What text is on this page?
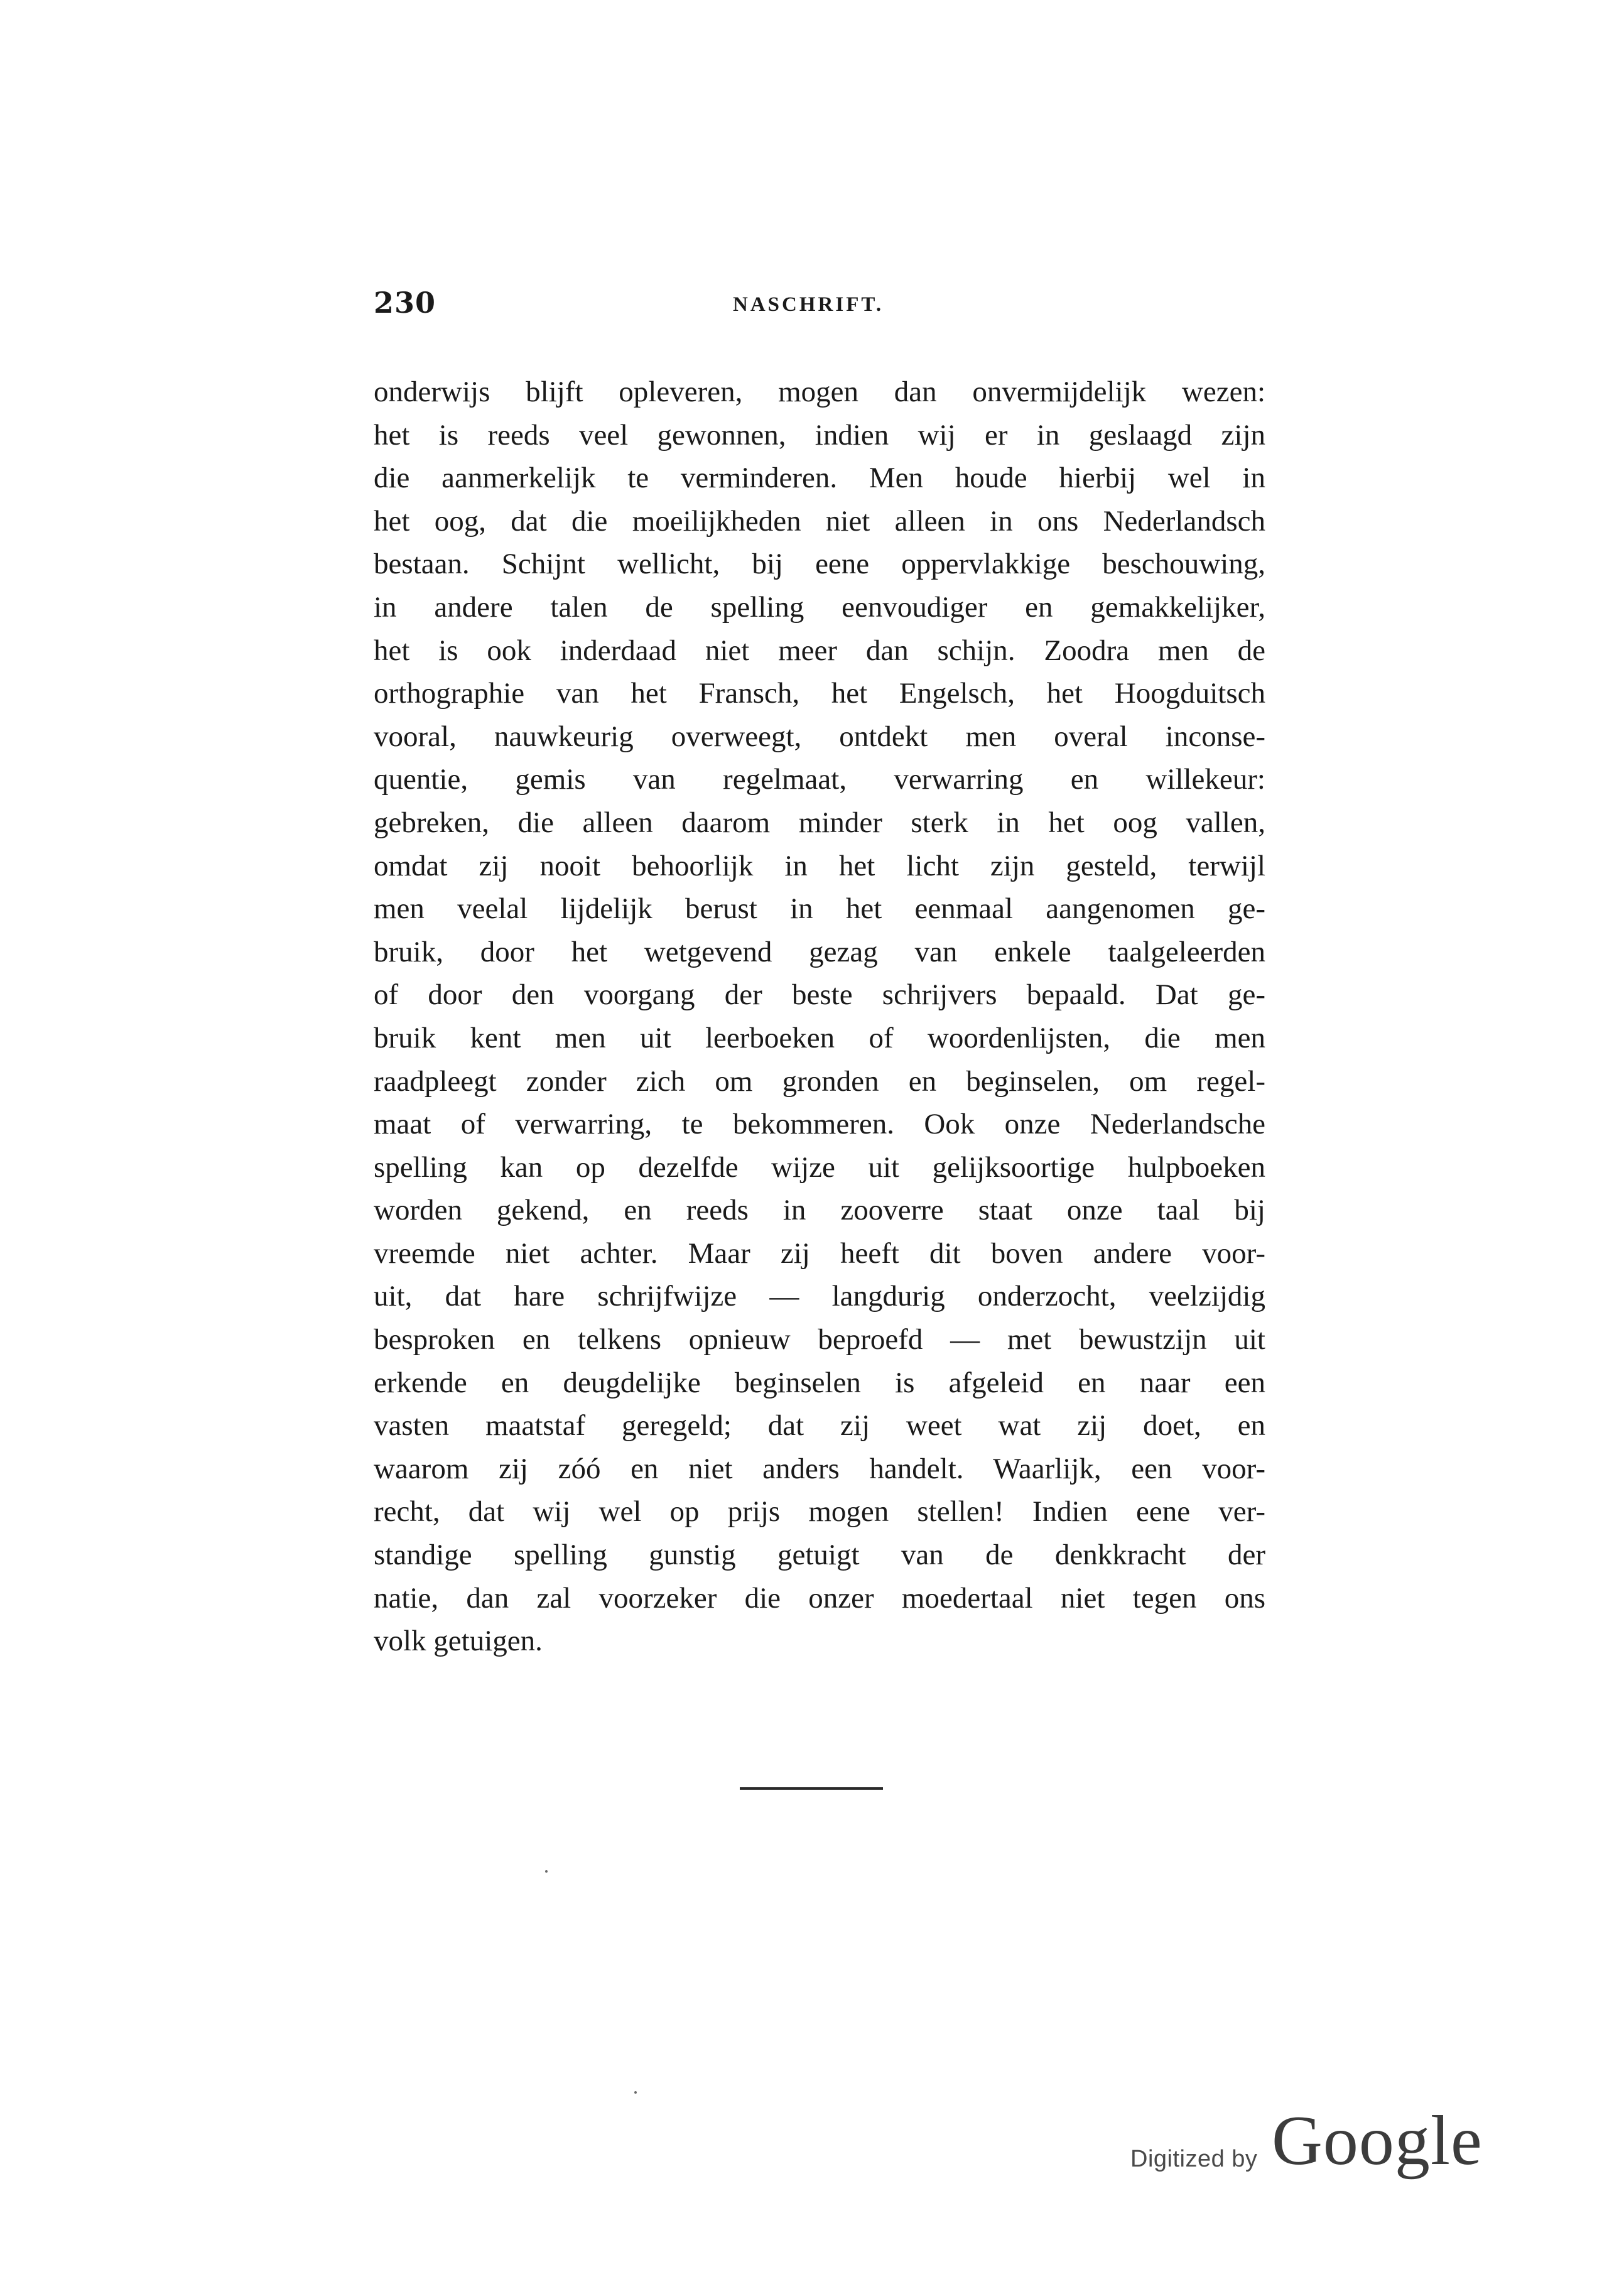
230	NASCHRIFT.
onderwijs blijft opleveren, mogen dan onvermijdelijk wezen:
het is reeds veel gewonnen, indien wij er in geslaagd zijn
die aanmerkelijk te verminderen. Men houde hierbij wel in
het oog, dat die moeilijkheden niet alleen in ons Nederlandsch
bestaan. Schijnt wellicht, bij eene oppervlakkige beschouwing,
in andere talen de spelling eenvoudiger en gemakkelijker,
het is ook inderdaad niet meer dan schijn. Zoodra men de
orthographie van het Fransch, het Engelsch, het Hoogduitsch
vooral, nauwkeurig overweegt, ontdekt men overal inconse-
quentie, gemis van regelmaat, verwarring en willekeur:
gebreken, die alleen daarom minder sterk in het oog vallen,
omdat zij nooit behoorlijk in het licht zijn gesteld, terwijl
men veelal lijdelijk berust in het eenmaal aangenomen ge-
bruik, door het wetgevend gezag van enkele taalgeleerden
of door den voorgang der beste schrijvers bepaald. Dat ge-
bruik kent men uit leerboeken of woordenlijsten, die men
raadpleegt zonder zich om gronden en beginselen, om regel-
maat of verwarring, te bekommeren. Ook onze Nederlandsche
spelling kan op dezelfde wijze uit gelijksoortige hulpboeken
worden gekend, en reeds in zooverre staat onze taal bij
vreemde niet achter. Maar zij heeft dit boven andere voor-
uit, dat hare schrijfwijze — langdurig onderzocht, veelzijdig
besproken en telkens opnieuw beproefd — met bewustzijn uit
erkende en deugdelijke beginselen is afgeleid en naar een
vasten maatstaf geregeld; dat zij weet wat zij doet, en
waarom zij zóó en niet anders handelt. Waarlijk, een voor-
recht, dat wij wel op prijs mogen stellen! Indien eene ver-
standige spelling gunstig getuigt van de denkkracht der
natie, dan zal voorzeker die onzer moedertaal niet tegen ons
volk getuigen.
Digitized by Google
